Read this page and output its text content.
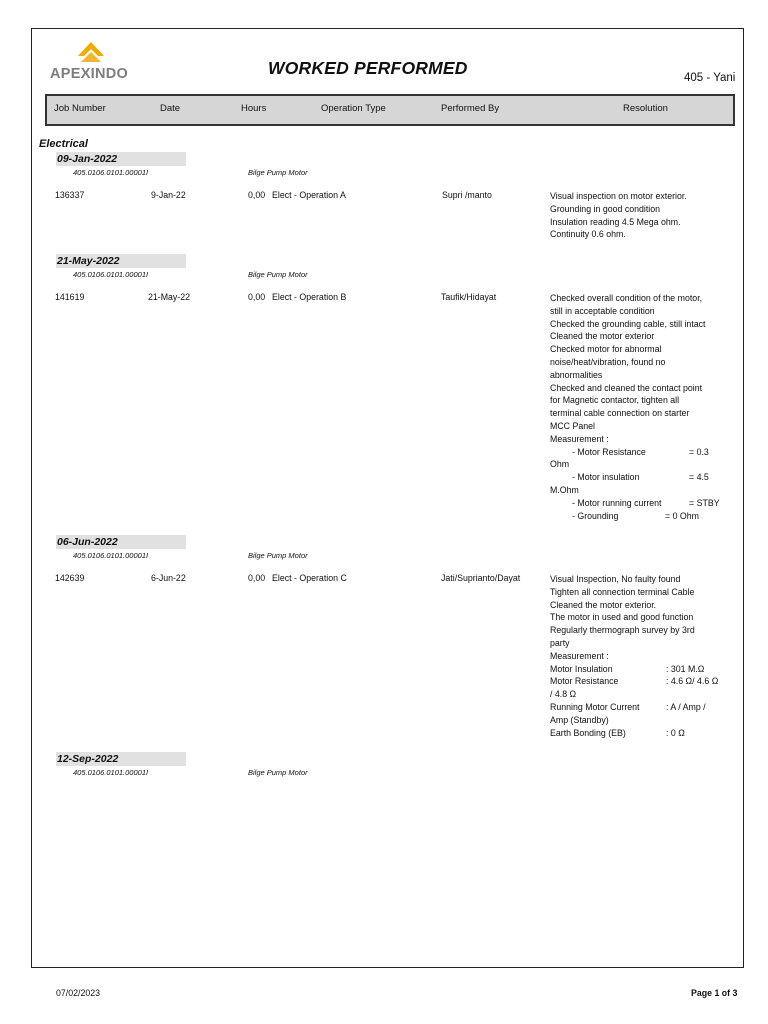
APEXINDO	WORKED PERFORMED	405 - Yani
Job Number	Date	Hours	Operation Type	Performed By	Resolution
Electrical
09-Jan-2022
405.0106.0101.00001I	Bilge Pump Motor
136337	9-Jan-22	0,00 Elect - Operation A	Supri /manto	Visual inspection on motor exterior.
Grounding in good condition
Insulation reading 4.5 Mega ohm.
Continuity 0.6 ohm.
21-May-2022
405.0106.0101.00001I	Bilge Pump Motor
141619	21-May-22	0,00 Elect - Operation B	Taufik/Hidayat	Checked overall condition of the motor,
still in acceptable condition
Checked the grounding cable, still intact
Cleaned the motor exterior
Checked motor for abnormal
noise/heat/vibration, found no
abnormalities
Checked and cleaned the contact point
for Magnetic contactor, tighten all
terminal cable connection on starter
MCC Panel
Measurement :
- Motor Resistance	= 0.3
Ohm
- Motor insulation	= 4.5
M.Ohm
- Motor running current	= STBY
- Grounding	= 0 Ohm
06-Jun-2022
405.0106.0101.00001I	Bilge Pump Motor
142639	6-Jun-22	0,00 Elect - Operation C	Jati/Suprianto/Dayat	Visual Inspection, No faulty found
Tighten all connection terminal Cable
Cleaned the motor exterior.
The motor in used and good function
Regularly thermograph survey by 3rd
party
Measurement :
Motor Insulation	: 301 M.Ω
Motor Resistance	: 4.6 Ω/ 4.6 Ω
/ 4.8 Ω
Running Motor Current	: A / Amp /
Amp (Standby)
Earth Bonding (EB)	: 0 Ω
12-Sep-2022
405.0106.0101.00001I	Bilge Pump Motor
07/02/2023	Page 1 of 3
